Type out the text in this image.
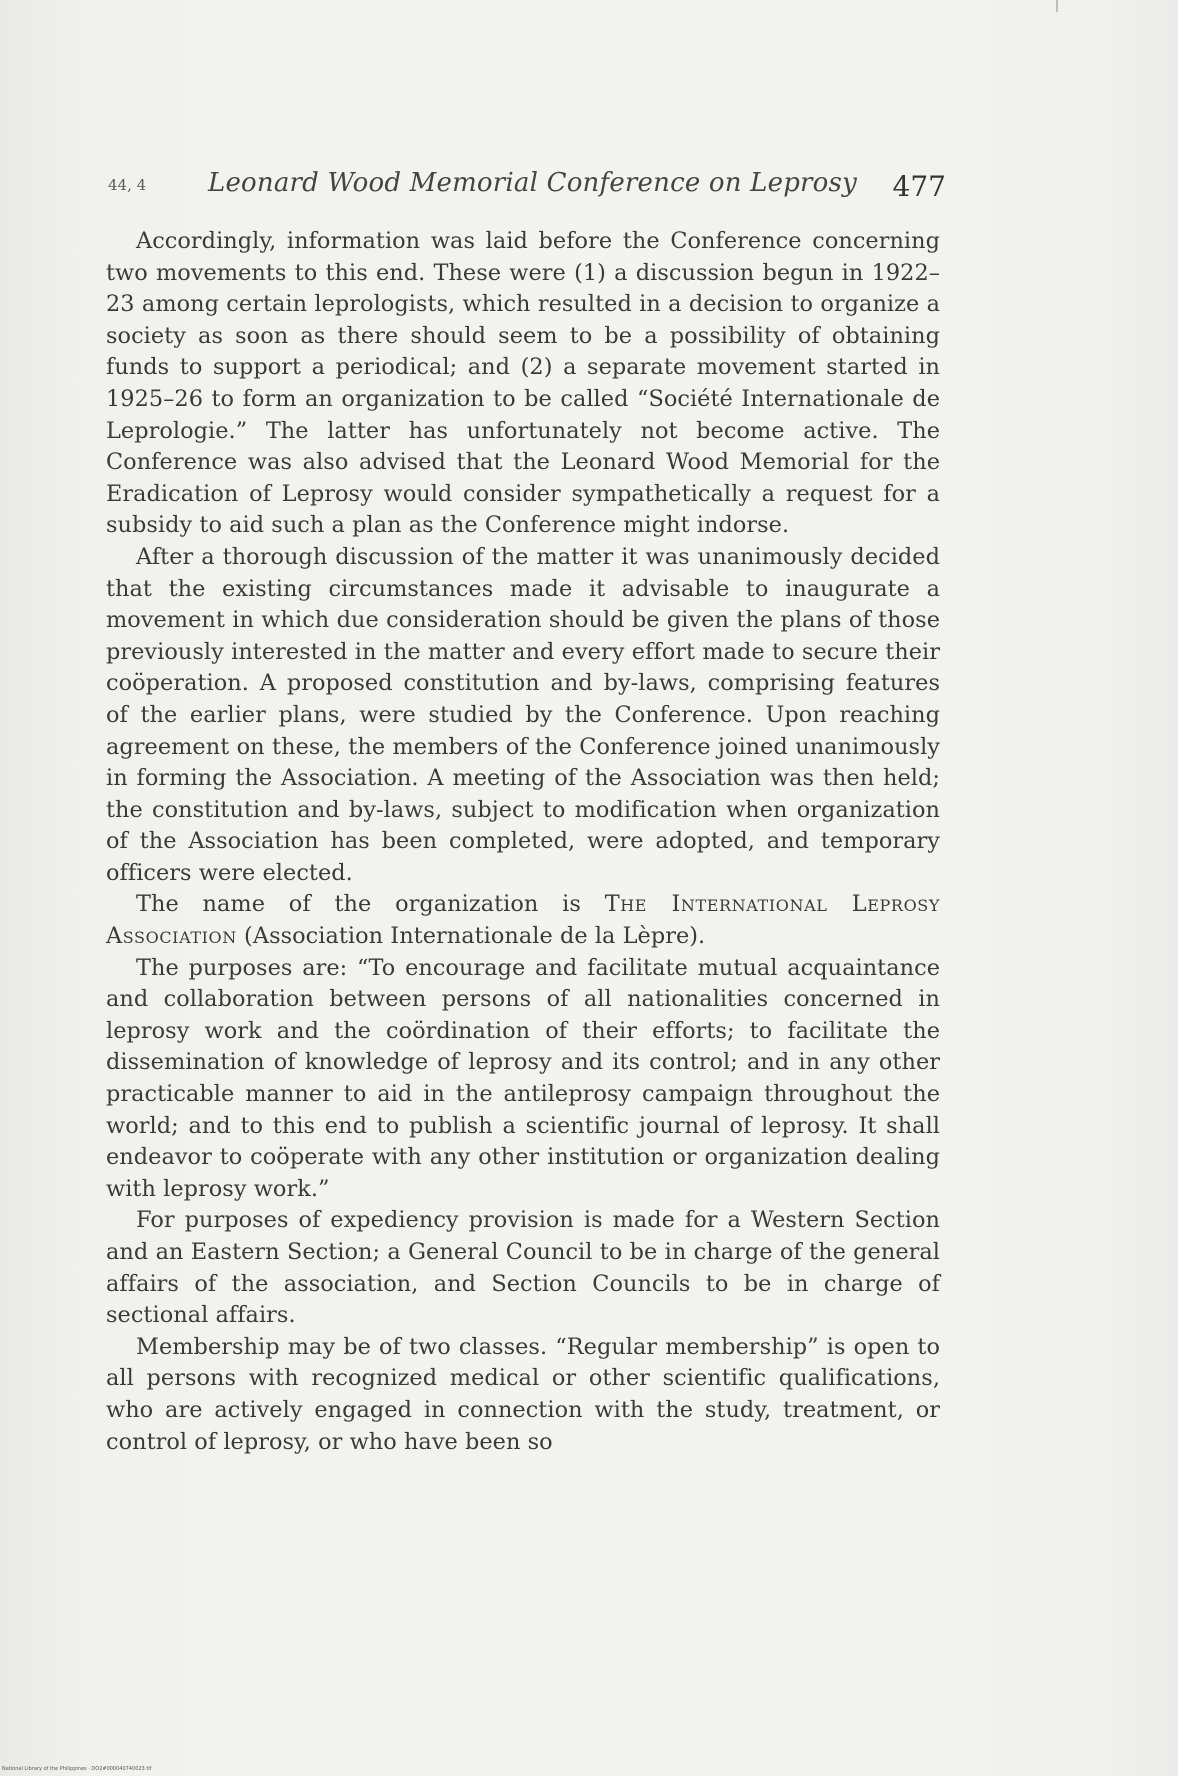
44, 4 Leonard Wood Memorial Conference on Leprosy 477

Accordingly, information was laid before the Conference concerning two movements to this end. These were (1) a discussion begun in 1922–23 among certain leprologists, which resulted in a decision to organize a society as soon as there should seem to be a possibility of obtaining funds to support a periodical; and (2) a separate movement started in 1925–26 to form an organization to be called “Société Internationale de Leprologie.” The latter has unfortunately not become active. The Conference was also advised that the Leonard Wood Memorial for the Eradication of Leprosy would consider sympathetically a request for a subsidy to aid such a plan as the Conference might indorse.

After a thorough discussion of the matter it was unanimously decided that the existing circumstances made it advisable to inaugurate a movement in which due consideration should be given the plans of those previously interested in the matter and every effort made to secure their coöperation. A proposed constitution and by-laws, comprising features of the earlier plans, were studied by the Conference. Upon reaching agreement on these, the members of the Conference joined unanimously in forming the Association. A meeting of the Association was then held; the constitution and by-laws, subject to modification when organization of the Association has been completed, were adopted, and temporary officers were elected.

The name of the organization is The International Leprosy Association (Association Internationale de la Lèpre).

The purposes are: “To encourage and facilitate mutual acquaintance and collaboration between persons of all nationalities concerned in leprosy work and the coördination of their efforts; to facilitate the dissemination of knowledge of leprosy and its control; and in any other practicable manner to aid in the antileprosy campaign throughout the world; and to this end to publish a scientific journal of leprosy. It shall endeavor to coöperate with any other institution or organization dealing with leprosy work.”

For purposes of expediency provision is made for a Western Section and an Eastern Section; a General Council to be in charge of the general affairs of the association, and Section Councils to be in charge of sectional affairs.

Membership may be of two classes. “Regular membership” is open to all persons with recognized medical or other scientific qualifications, who are actively engaged in connection with the study, treatment, or control of leprosy, or who have been so

National Library of the Philippines · DO2#000040740023.tif
